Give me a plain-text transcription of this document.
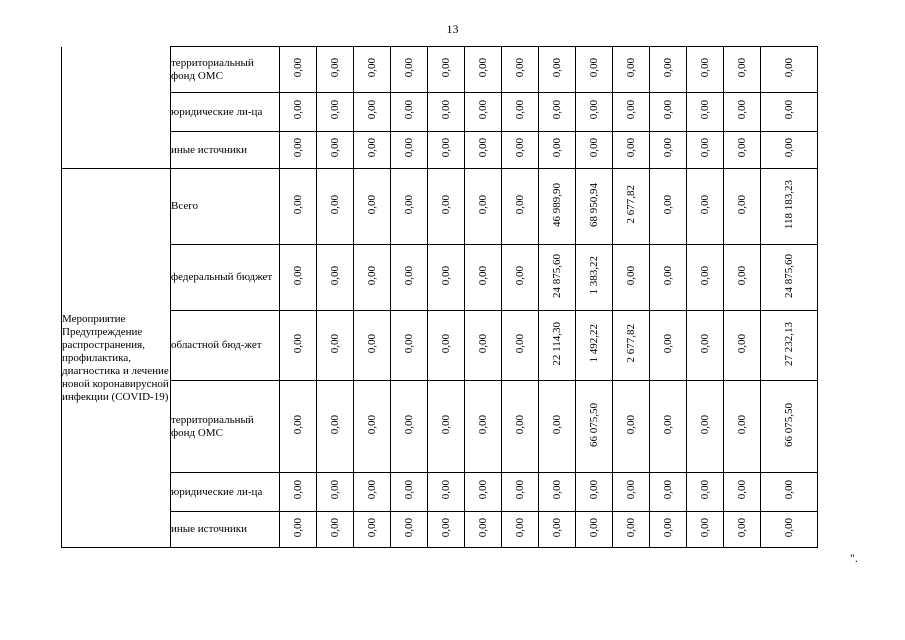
13
	территориальный фонд ОМС	0,00	0,00	0,00	0,00	0,00	0,00	0,00	0,00	0,00	0,00	0,00	0,00	0,00	0,00
	юридические ли-ца	0,00	0,00	0,00	0,00	0,00	0,00	0,00	0,00	0,00	0,00	0,00	0,00	0,00	0,00
	иные источники	0,00	0,00	0,00	0,00	0,00	0,00	0,00	0,00	0,00	0,00	0,00	0,00	0,00	0,00
Мероприятие Предупреждение распространения, профилактика, диагностика и лечение новой коронавирусной инфекции (COVID-19)	Всего	0,00	0,00	0,00	0,00	0,00	0,00	0,00	46 989,90	68 950,94	2 677,82	0,00	0,00	0,00	118 183,23
	федеральный бюджет	0,00	0,00	0,00	0,00	0,00	0,00	0,00	24 875,60	1 383,22	0,00	0,00	0,00	0,00	24 875,60
	областной бюд-жет	0,00	0,00	0,00	0,00	0,00	0,00	0,00	22 114,30	1 492,22	2 677,82	0,00	0,00	0,00	27 232,13
	территориальный фонд ОМС	0,00	0,00	0,00	0,00	0,00	0,00	0,00	0,00	66 075,50	0,00	0,00	0,00	0,00	66 075,50
	юридические ли-ца	0,00	0,00	0,00	0,00	0,00	0,00	0,00	0,00	0,00	0,00	0,00	0,00	0,00	0,00
	иные источники	0,00	0,00	0,00	0,00	0,00	0,00	0,00	0,00	0,00	0,00	0,00	0,00	0,00	0,00
".
